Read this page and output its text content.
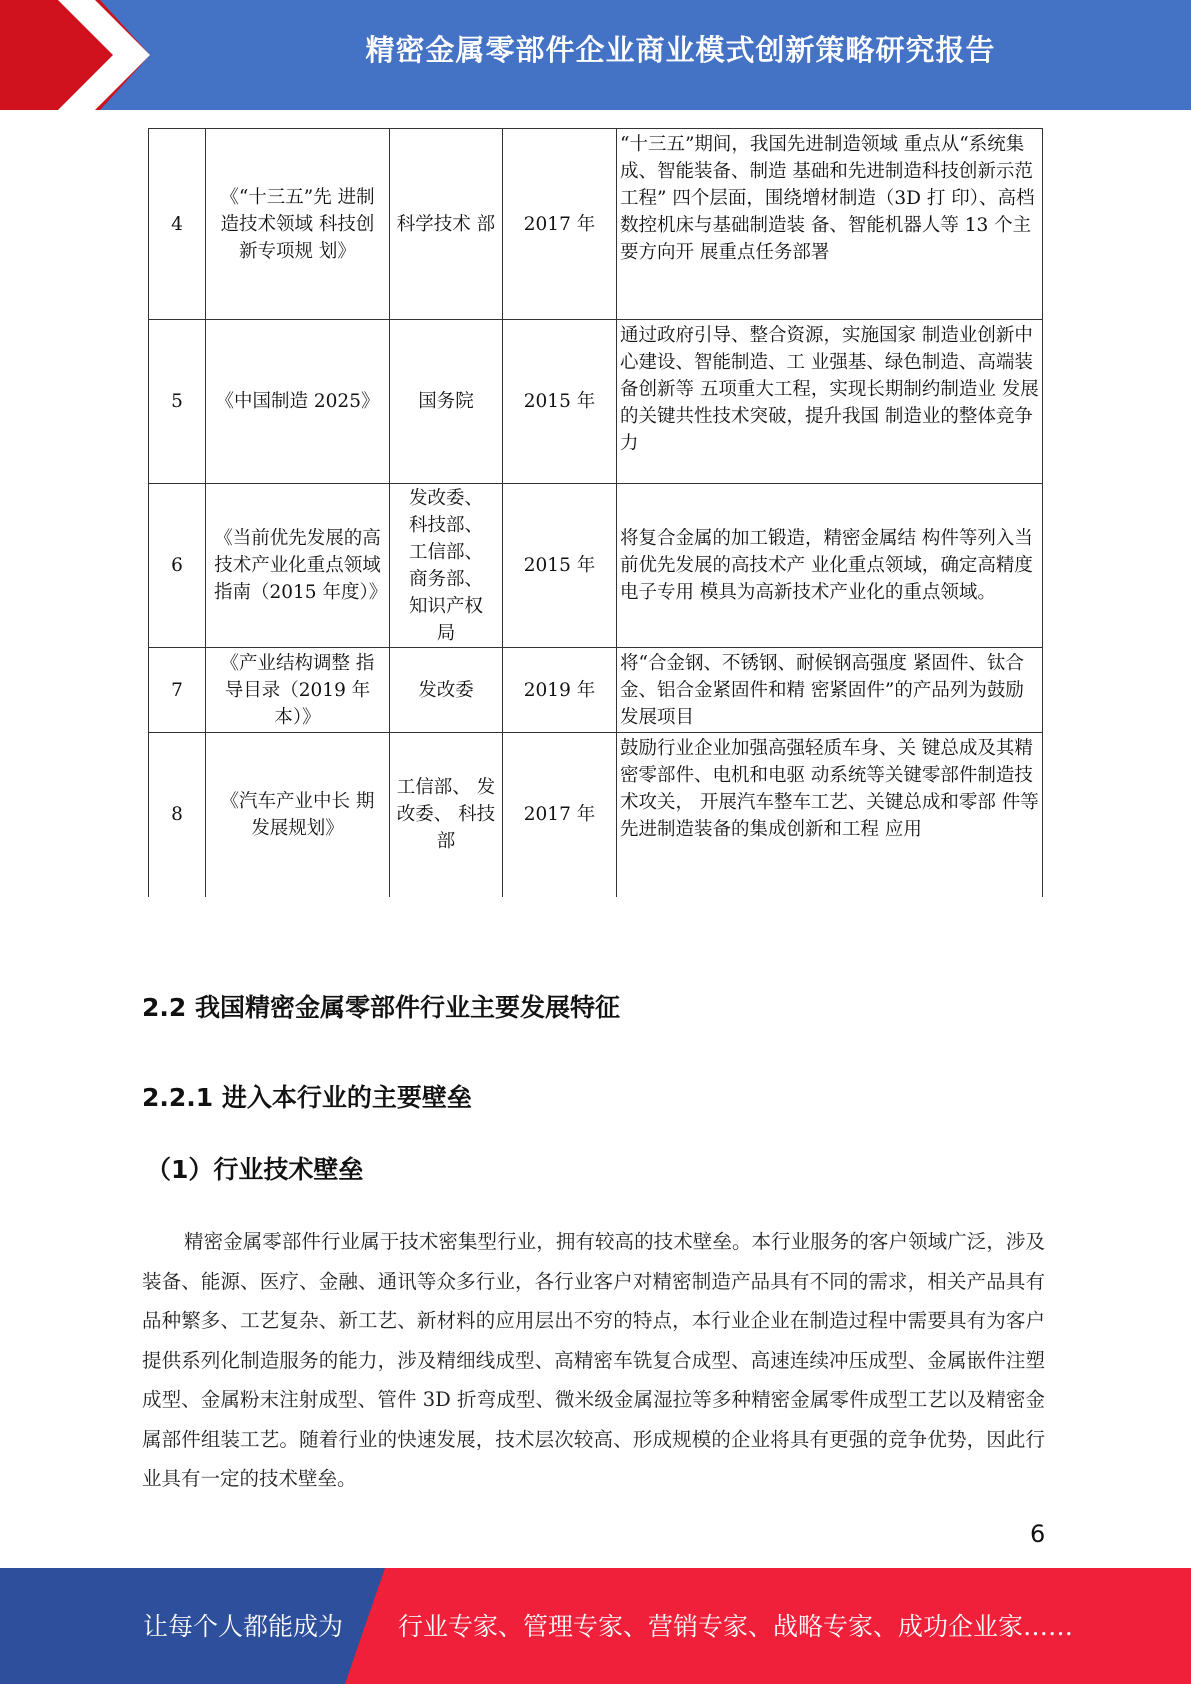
精密金属零部件企业商业模式创新策略研究报告
4	《“十三五”先 进制造技术领域 科技创新专项规 划》	科学技术 部	2017 年	“十三五”期间，我国先进制造领域 重点从“系统集成、智能装备、制造 基础和先进制造科技创新示范工程” 四个层面，围绕增材制造（3D 打 印）、高档数控机床与基础制造装 备、智能机器人等 13 个主要方向开 展重点任务部署
5	《中国制造 2025》	国务院	2015 年	通过政府引导、整合资源，实施国家 制造业创新中心建设、智能制造、工 业强基、绿色制造、高端装备创新等 五项重大工程，实现长期制约制造业 发展的关键共性技术突破，提升我国 制造业的整体竞争力
6	《当前优先发展的高技术产业化重点领域指南（2015 年度）》	发改委、科技部、工信部、商务部、知识产权局	2015 年	将复合金属的加工锻造，精密金属结 构件等列入当前优先发展的高技术产 业化重点领域，确定高精度电子专用 模具为高新技术产业化的重点领域。
7	《产业结构调整 指导目录（2019 年本）》	发改委	2019 年	将“合金钢、不锈钢、耐候钢高强度 紧固件、钛合金、铝合金紧固件和精 密紧固件”的产品列为鼓励发展项目
8	《汽车产业中长 期发展规划》	工信部、 发改委、 科技部	2017 年	鼓励行业企业加强高强轻质车身、关 键总成及其精密零部件、电机和电驱 动系统等关键零部件制造技术攻关， 开展汽车整车工艺、关键总成和零部 件等先进制造装备的集成创新和工程 应用
2.2 我国精密金属零部件行业主要发展特征
2.2.1 进入本行业的主要壁垒
（1）行业技术壁垒

精密金属零部件行业属于技术密集型行业，拥有较高的技术壁垒。本行业服务的客户领域广泛，涉及装备、能源、医疗、金融、通讯等众多行业，各行业客户对精密制造产品具有不同的需求，相关产品具有品种繁多、工艺复杂、新工艺、新材料的应用层出不穷的特点，本行业企业在制造过程中需要具有为客户提供系列化制造服务的能力，涉及精细线成型、高精密车铣复合成型、高速连续冲压成型、金属嵌件注塑成型、金属粉末注射成型、管件 3D 折弯成型、微米级金属湿拉等多种精密金属零件成型工艺以及精密金属部件组装工艺。随着行业的快速发展，技术层次较高、形成规模的企业将具有更强的竞争优势，因此行业具有一定的技术壁垒。

6
让每个人都能成为 行业专家、管理专家、营销专家、战略专家、成功企业家……
